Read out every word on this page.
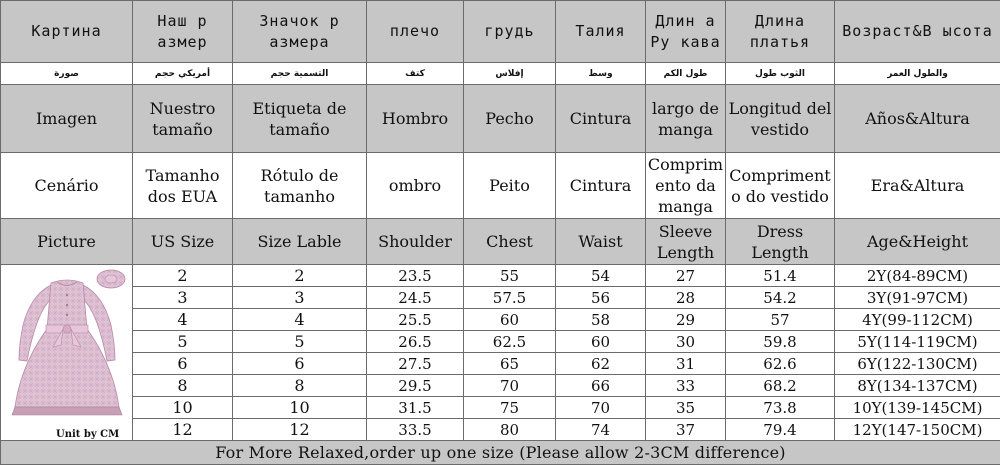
Картина	Наш р азмер	Значок р азмера	плечо	грудь	Талия	Длин а Ру кава	Длина платья	Возраст&В ысота
صورة	أمريكي حجم	التسمية حجم	كتف	إفلاس	وسط	طول الكم	الثوب طول	والطول العمر
Imagen	Nuestro tamaño	Etiqueta de tamaño	Hombro	Pecho	Cintura	largo de manga	Longitud del vestido	Años&Altura
Cenário	Tamanho dos EUA	Rótulo de tamanho	ombro	Peito	Cintura	Comprim ento da manga	Compriment o do vestido	Era&Altura
Picture	US Size	Size Lable	Shoulder	Chest	Waist	Sleeve Length	Dress Length	Age&Height

Unit by CM	2	2	23.5	55	54	27	51.4	2Y(84-89CM)
	3	3	24.5	57.5	56	28	54.2	3Y(91-97CM)
	4	4	25.5	60	58	29	57	4Y(99-112CM)
	5	5	26.5	62.5	60	30	59.8	5Y(114-119CM)
	6	6	27.5	65	62	31	62.6	6Y(122-130CM)
	8	8	29.5	70	66	33	68.2	8Y(134-137CM)
	10	10	31.5	75	70	35	73.8	10Y(139-145CM)
	12	12	33.5	80	74	37	79.4	12Y(147-150CM)
For More Relaxed,order up one size (Please allow 2-3CM difference)								
